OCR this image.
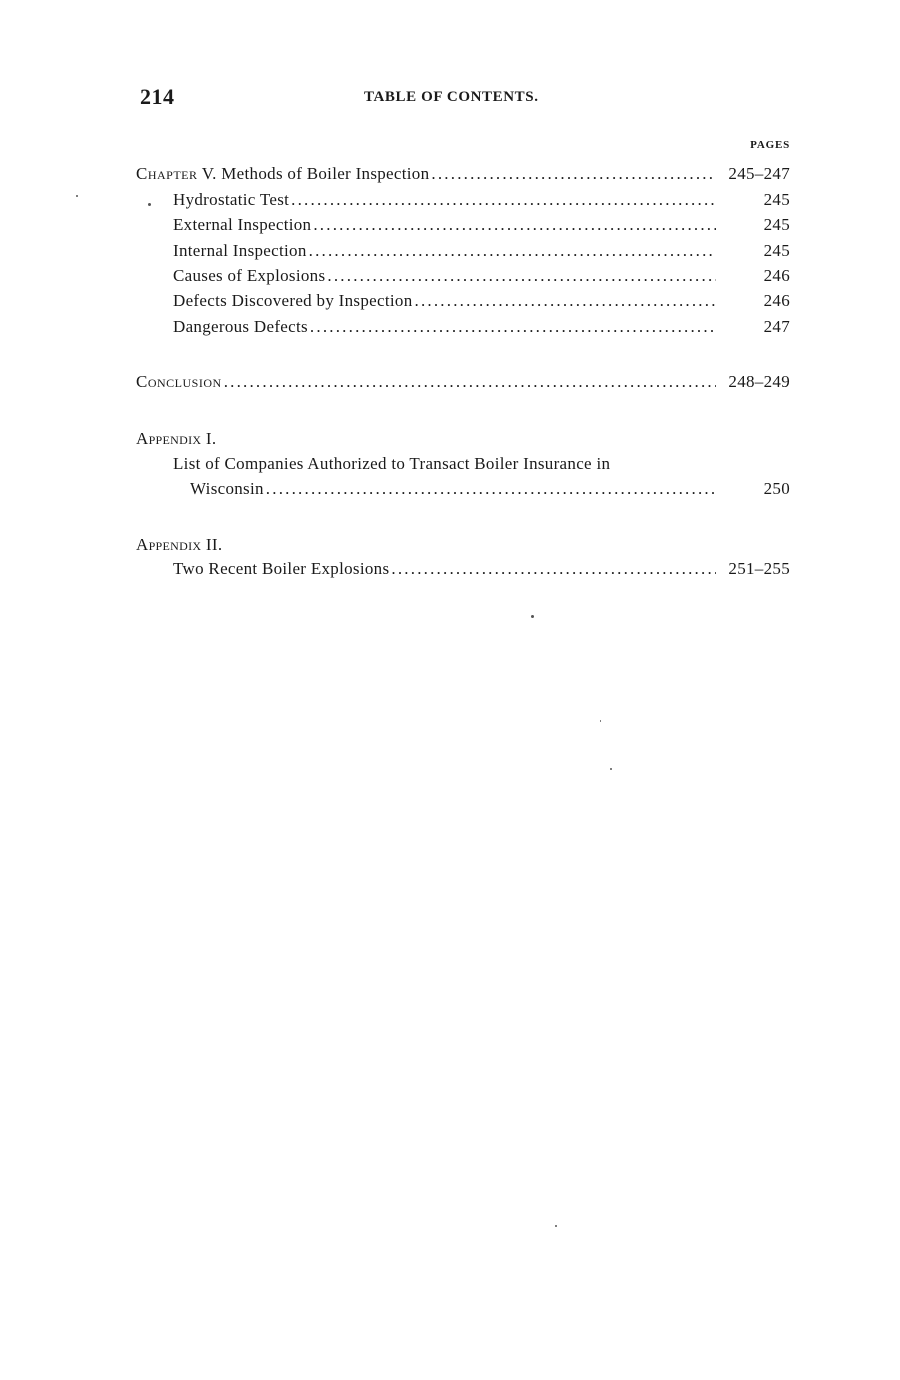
214	TABLE OF CONTENTS.
PAGES
Chapter V. Methods of Boiler Inspection .....	245–247
Hydrostatic Test .....	245
External Inspection .....	245
Internal Inspection .....	245
Causes of Explosions .....	246
Defects Discovered by Inspection .....	246
Dangerous Defects .....	247
Conclusion .....	248–249
Appendix I.
List of Companies Authorized to Transact Boiler Insurance in
Wisconsin .....	250
Appendix II.
Two Recent Boiler Explosions .....	251–255
